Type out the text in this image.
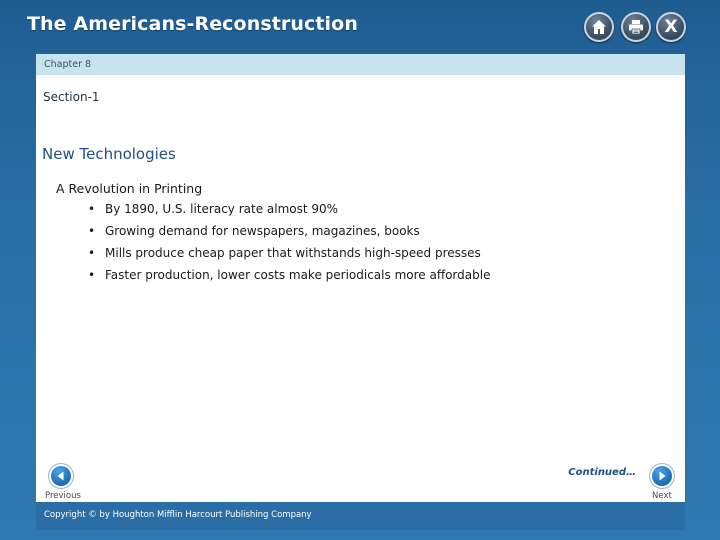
The Americans-Reconstruction	X
Chapter 8
Section-1
New Technologies
A Revolution in Printing
• By 1890, U.S. literacy rate almost 90%
• Growing demand for newspapers, magazines, books
• Mills produce cheap paper that withstands high-speed presses
• Faster production, lower costs make periodicals more affordable
Continued…
Previous	Next
Copyright © by Houghton Mifflin Harcourt Publishing Company
